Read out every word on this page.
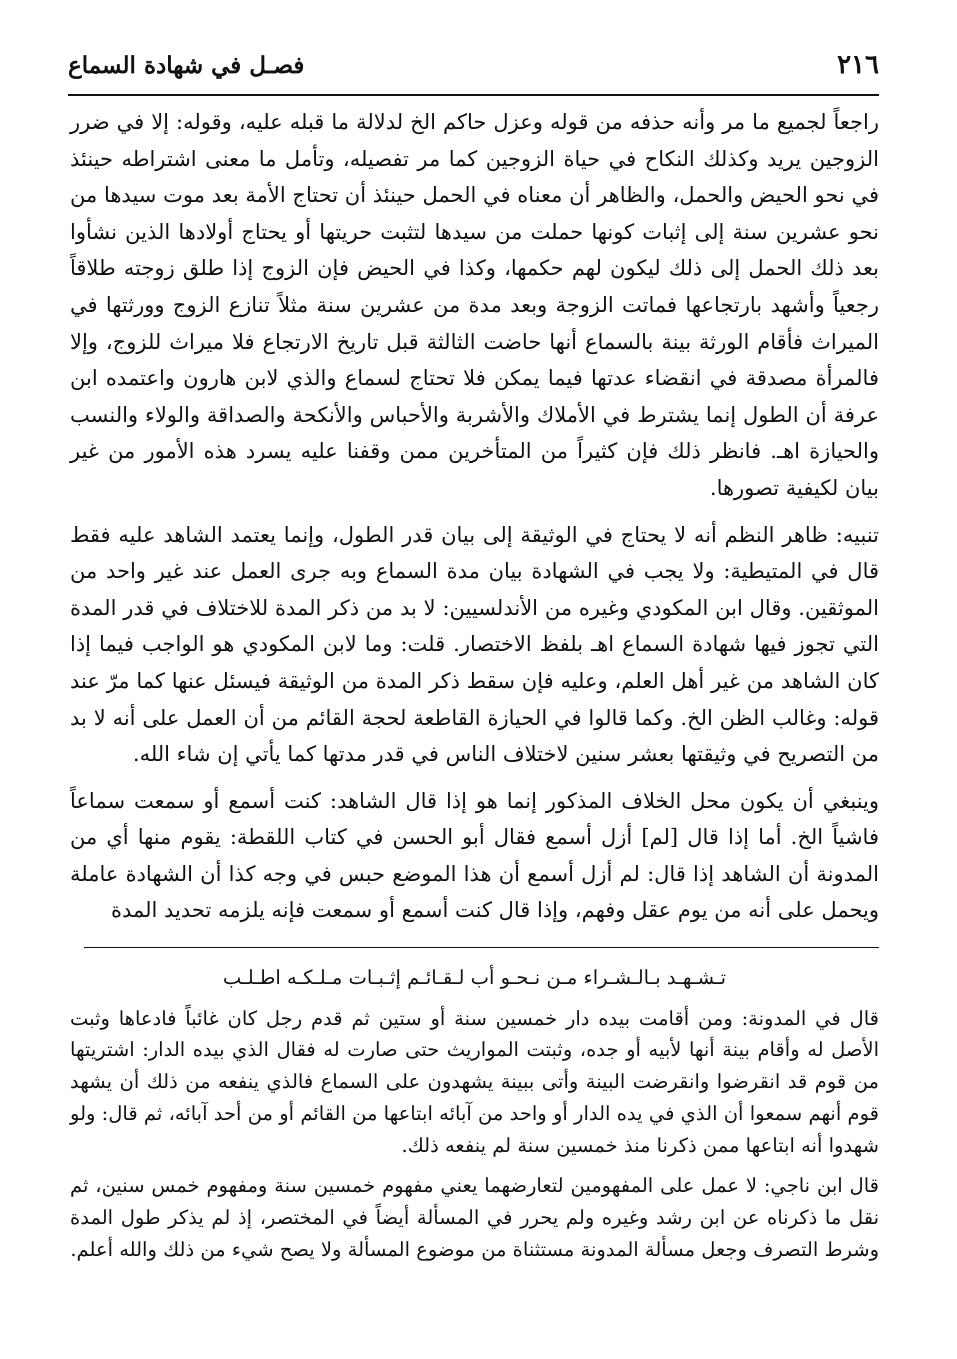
٢١٦
فصـل في شهادة السماع

راجعاً لجميع ما مر وأنه حذفه من قوله وعزل حاكم الخ لدلالة ما قبله عليه، وقوله: إلا في ضرر الزوجين يريد وكذلك النكاح في حياة الزوجين كما مر تفصيله، وتأمل ما معنى اشتراطه حينئذ في نحو الحيض والحمل، والظاهر أن معناه في الحمل حينئذ أن تحتاج الأمة بعد موت سيدها من نحو عشرين سنة إلى إثبات كونها حملت من سيدها لتثبت حريتها أو يحتاج أولادها الذين نشأوا بعد ذلك الحمل إلى ذلك ليكون لهم حكمها، وكذا في الحيض فإن الزوج إذا طلق زوجته طلاقاً رجعياً وأشهد بارتجاعها فماتت الزوجة وبعد مدة من عشرين سنة مثلاً تنازع الزوج وورثتها في الميراث فأقام الورثة بينة بالسماع أنها حاضت الثالثة قبل تاريخ الارتجاع فلا ميراث للزوج، وإلا فالمرأة مصدقة في انقضاء عدتها فيما يمكن فلا تحتاج لسماع والذي لابن هارون واعتمده ابن عرفة أن الطول إنما يشترط في الأملاك والأشربة والأحباس والأنكحة والصداقة والولاء والنسب والحيازة اهـ. فانظر ذلك فإن كثيراً من المتأخرين ممن وقفنا عليه يسرد هذه الأمور من غير بيان لكيفية تصورها.

تنبيه: ظاهر النظم أنه لا يحتاج في الوثيقة إلى بيان قدر الطول، وإنما يعتمد الشاهد عليه فقط قال في المتيطية: ولا يجب في الشهادة بيان مدة السماع وبه جرى العمل عند غير واحد من الموثقين. وقال ابن المكودي وغيره من الأندلسيين: لا بد من ذكر المدة للاختلاف في قدر المدة التي تجوز فيها شهادة السماع اهـ بلفظ الاختصار. قلت: وما لابن المكودي هو الواجب فيما إذا كان الشاهد من غير أهل العلم، وعليه فإن سقط ذكر المدة من الوثيقة فيسئل عنها كما مرّ عند قوله: وغالب الظن الخ. وكما قالوا في الحيازة القاطعة لحجة القائم من أن العمل على أنه لا بد من التصريح في وثيقتها بعشر سنين لاختلاف الناس في قدر مدتها كما يأتي إن شاء الله.

وينبغي أن يكون محل الخلاف المذكور إنما هو إذا قال الشاهد: كنت أسمع أو سمعت سماعاً فاشياً الخ. أما إذا قال [لم] أزل أسمع فقال أبو الحسن في كتاب اللقطة: يقوم منها أي من المدونة أن الشاهد إذا قال: لم أزل أسمع أن هذا الموضع حبس في وجه كذا أن الشهادة عاملة ويحمل على أنه من يوم عقل وفهم، وإذا قال كنت أسمع أو سمعت فإنه يلزمه تحديد المدة

تـشـهـد بـالـشـراء مـن نـحـو أب لـقـائـم إثـبـات مـلـكـه اطـلـب

قال في المدونة: ومن أقامت بيده دار خمسين سنة أو ستين ثم قدم رجل كان غائباً فادعاها وثبت الأصل له وأقام بينة أنها لأبيه أو جده، وثبتت المواريث حتى صارت له فقال الذي بيده الدار: اشتريتها من قوم قد انقرضوا وانقرضت البينة وأتى ببينة يشهدون على السماع فالذي ينفعه من ذلك أن يشهد قوم أنهم سمعوا أن الذي في يده الدار أو واحد من آبائه ابتاعها من القائم أو من أحد آبائه، ثم قال: ولو شهدوا أنه ابتاعها ممن ذكرنا منذ خمسين سنة لم ينفعه ذلك.

قال ابن ناجي: لا عمل على المفهومين لتعارضهما يعني مفهوم خمسين سنة ومفهوم خمس سنين، ثم نقل ما ذكرناه عن ابن رشد وغيره ولم يحرر في المسألة أيضاً في المختصر، إذ لم يذكر طول المدة وشرط التصرف وجعل مسألة المدونة مستثناة من موضوع المسألة ولا يصح شيء من ذلك والله أعلم.
